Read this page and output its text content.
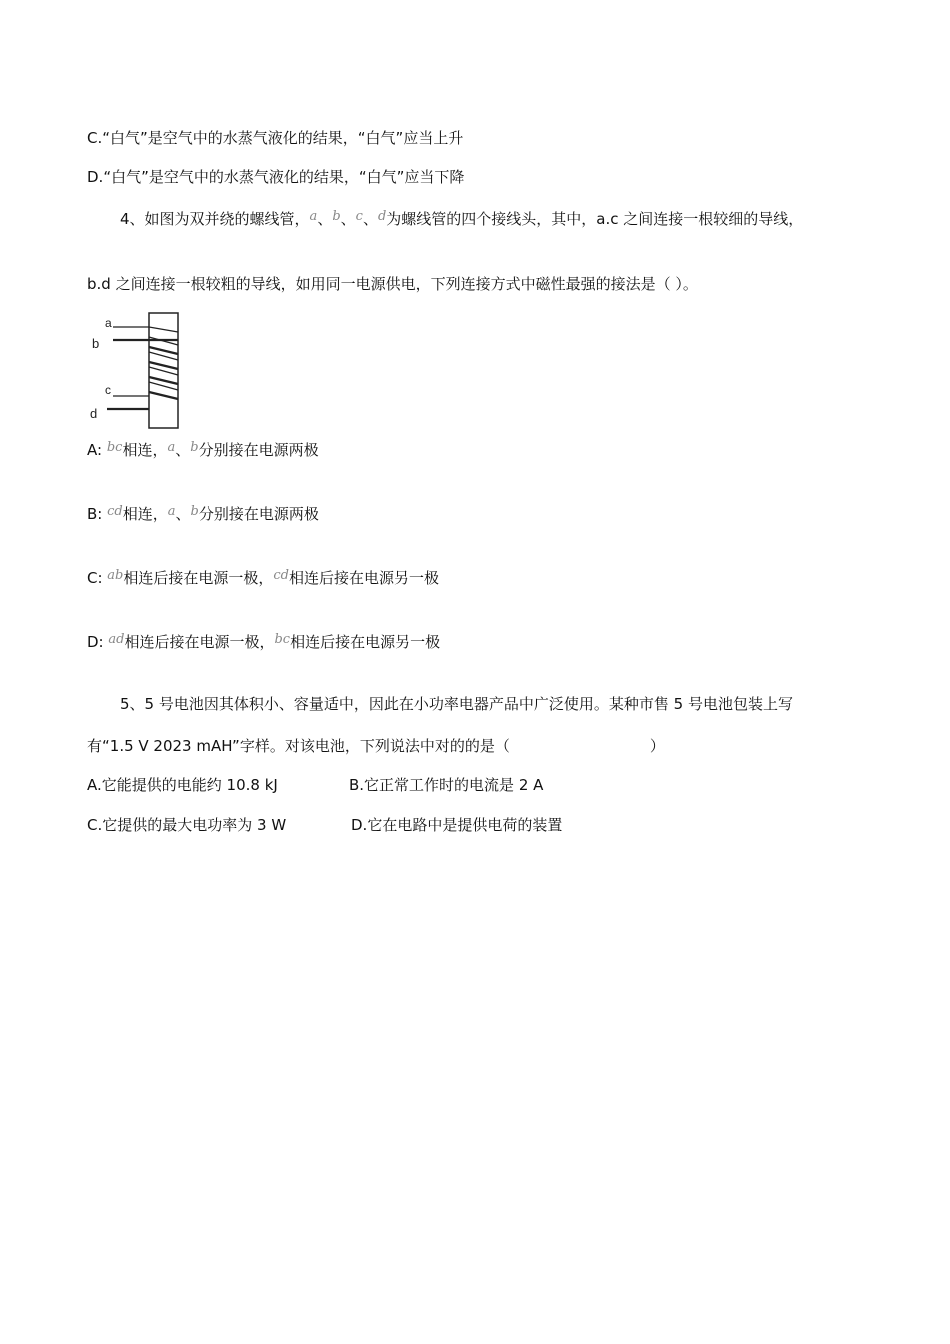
C.“白气”是空气中的水蒸气液化的结果，“白气”应当上升
D.“白气”是空气中的水蒸气液化的结果，“白气”应当下降
4、如图为双并绕的螺线管，a、b、c、d为螺线管的四个接线头，其中，a.c 之间连接一根较细的导线，
b.d 之间连接一根较粗的导线，如用同一电源供电，下列连接方式中磁性最强的接法是（ ）。
a
b
c
d
A: bc相连，a、b分别接在电源两极
B: cd相连，a、b分别接在电源两极
C: ab相连后接在电源一极，cd相连后接在电源另一极
D: ad相连后接在电源一极，bc相连后接在电源另一极
5、5 号电池因其体积小、容量适中，因此在小功率电器产品中广泛使用。某种市售 5 号电池包装上写
有“1.5 V 2023 mAH”字样。对该电池，下列说法中对的的是（	）
A.它能提供的电能约 10.8 kJ	B.它正常工作时的电流是 2 A
C.它提供的最大电功率为 3 W	D.它在电路中是提供电荷的装置
